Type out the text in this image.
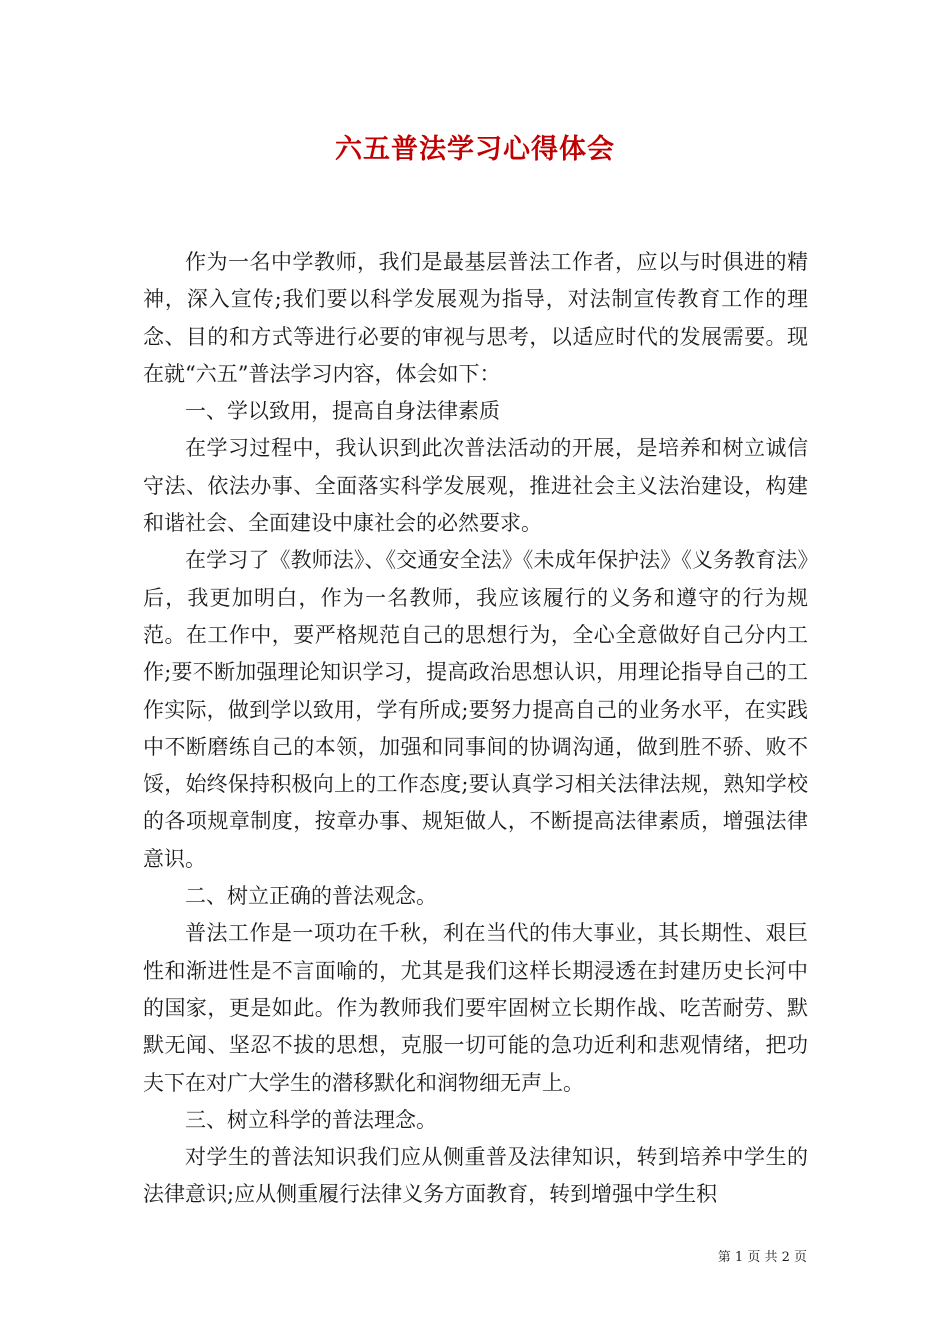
六五普法学习心得体会

作为一名中学教师，我们是最基层普法工作者，应以与时俱进的精神，深入宣传;我们要以科学发展观为指导，对法制宣传教育工作的理念、目的和方式等进行必要的审视与思考，以适应时代的发展需要。现在就“六五”普法学习内容，体会如下：

一、学以致用，提高自身法律素质

在学习过程中，我认识到此次普法活动的开展，是培养和树立诚信守法、依法办事、全面落实科学发展观，推进社会主义法治建设，构建和谐社会、全面建设中康社会的必然要求。

在学习了《教师法》、《交通安全法》《未成年保护法》《义务教育法》后，我更加明白，作为一名教师，我应该履行的义务和遵守的行为规范。在工作中，要严格规范自己的思想行为，全心全意做好自己分内工作;要不断加强理论知识学习，提高政治思想认识，用理论指导自己的工作实际，做到学以致用，学有所成;要努力提高自己的业务水平，在实践中不断磨练自己的本领，加强和同事间的协调沟通，做到胜不骄、败不馁，始终保持积极向上的工作态度;要认真学习相关法律法规，熟知学校的各项规章制度，按章办事、规矩做人，不断提高法律素质，增强法律意识。

二、树立正确的普法观念。

普法工作是一项功在千秋，利在当代的伟大事业，其长期性、艰巨性和渐进性是不言面喻的，尤其是我们这样长期浸透在封建历史长河中的国家，更是如此。作为教师我们要牢固树立长期作战、吃苦耐劳、默默无闻、坚忍不拔的思想，克服一切可能的急功近利和悲观情绪，把功夫下在对广大学生的潜移默化和润物细无声上。

三、树立科学的普法理念。

对学生的普法知识我们应从侧重普及法律知识，转到培养中学生的法律意识;应从侧重履行法律义务方面教育，转到增强中学生积

第 1 页 共 2 页
